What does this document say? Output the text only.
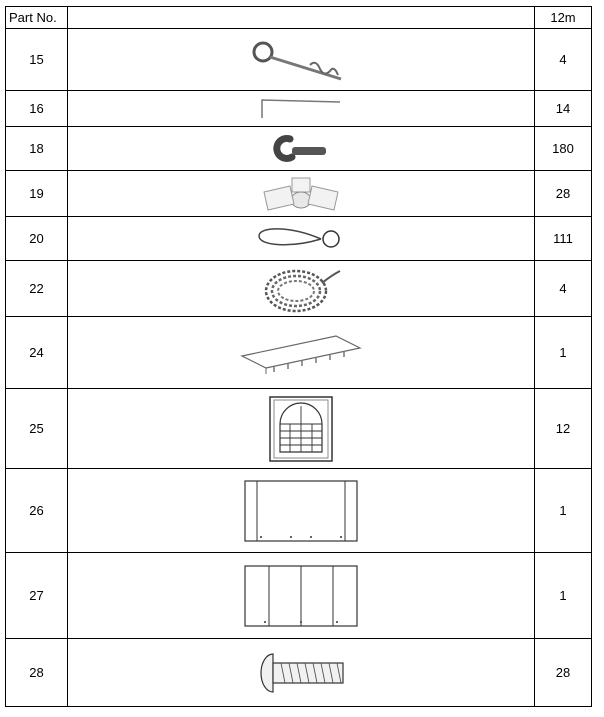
Part No.		12m
15		4
16		14
18		180
19		28
20		111
22		4
24		1
25		12
26		1
27		1
28		28
